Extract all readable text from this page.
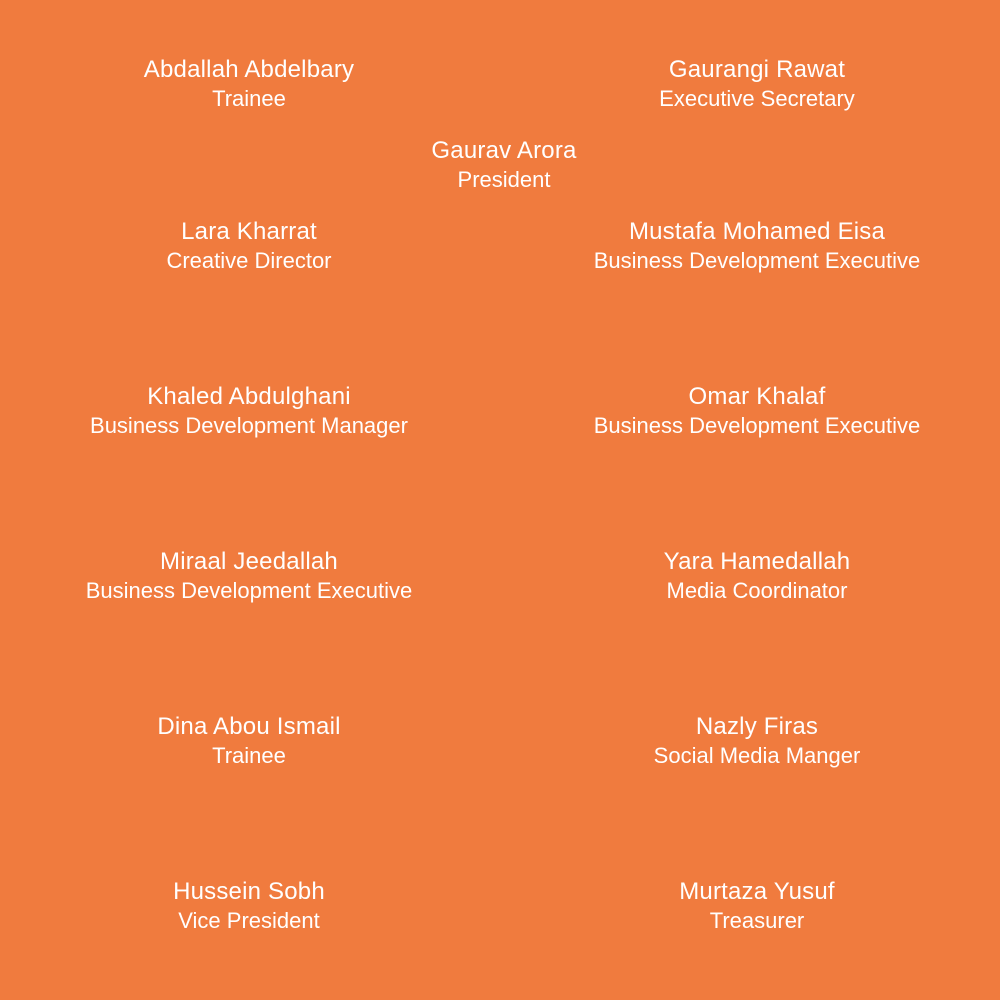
Abdallah Abdelbary
Trainee
Gaurangi Rawat
Executive Secretary
Gaurav Arora
President
Lara Kharrat
Creative Director
Mustafa Mohamed Eisa
Business Development Executive
Khaled Abdulghani
Business Development Manager
Omar Khalaf
Business Development Executive
Miraal Jeedallah
Business Development Executive
Yara Hamedallah
Media Coordinator
Dina Abou Ismail
Trainee
Nazly Firas
Social Media Manger
Hussein Sobh
Vice President
Murtaza Yusuf
Treasurer
